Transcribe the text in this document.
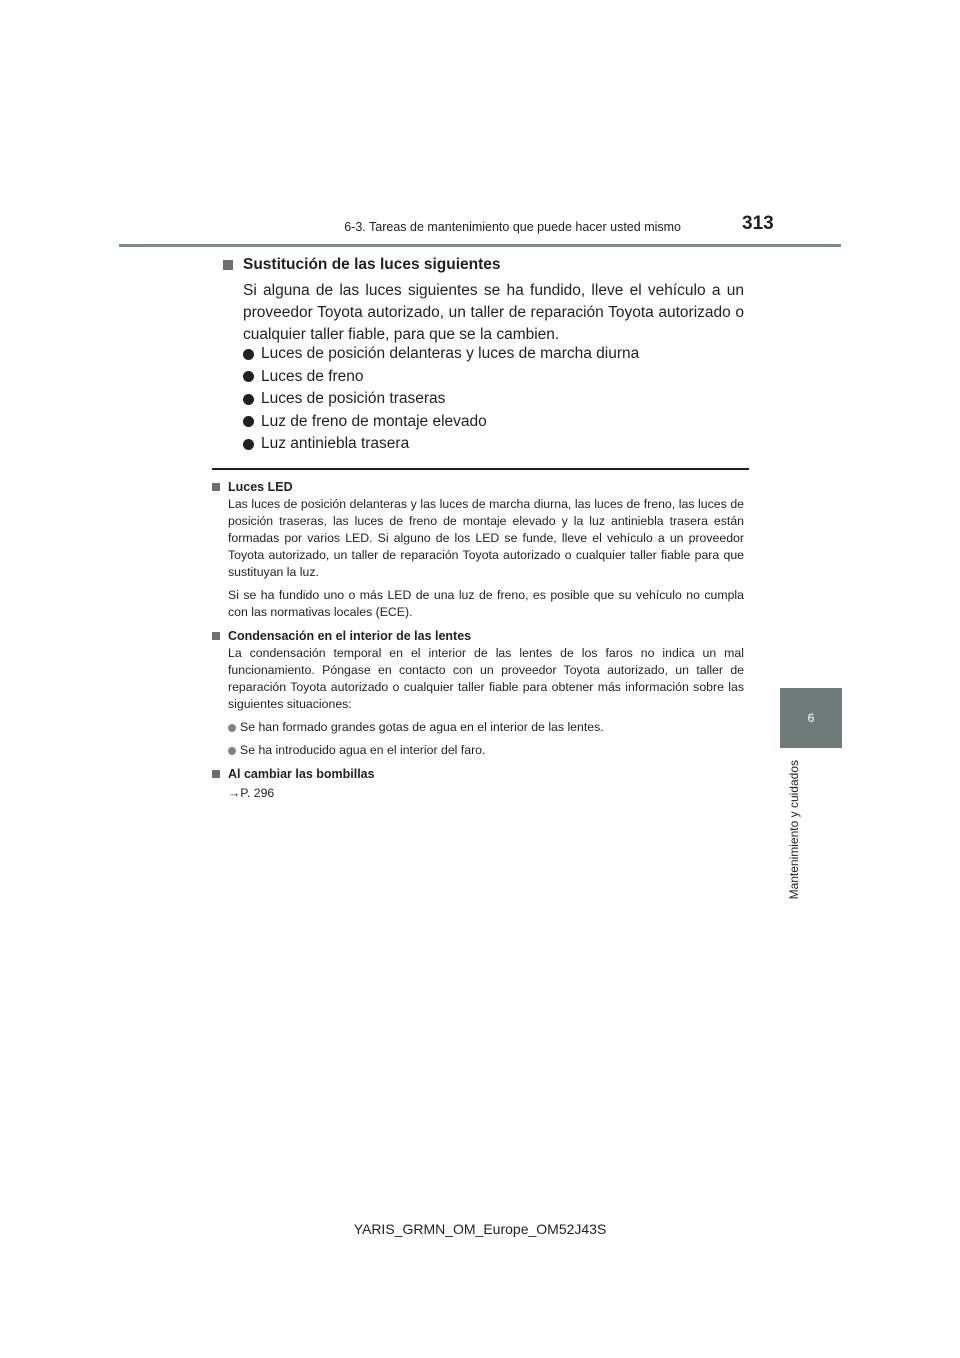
6-3. Tareas de mantenimiento que puede hacer usted mismo	313
6
Mantenimiento y cuidados
Sustitución de las luces siguientes

Si alguna de las luces siguientes se ha fundido, lleve el vehículo a un proveedor Toyota autorizado, un taller de reparación Toyota autorizado o cualquier taller fiable, para que se la cambien.

Luces de posición delanteras y luces de marcha diurna
Luces de freno
Luces de posición traseras
Luz de freno de montaje elevado
Luz antiniebla trasera
Luces LED

Las luces de posición delanteras y las luces de marcha diurna, las luces de freno, las luces de posición traseras, las luces de freno de montaje elevado y la luz antiniebla trasera están formadas por varios LED. Si alguno de los LED se funde, lleve el vehículo a un proveedor Toyota autorizado, un taller de reparación Toyota autorizado o cualquier taller fiable para que sustituyan la luz.

Si se ha fundido uno o más LED de una luz de freno, es posible que su vehículo no cumpla con las normativas locales (ECE).

Condensación en el interior de las lentes

La condensación temporal en el interior de las lentes de los faros no indica un mal funcionamiento. Póngase en contacto con un proveedor Toyota autorizado, un taller de reparación Toyota autorizado o cualquier taller fiable para obtener más información sobre las siguientes situaciones:

Se han formado grandes gotas de agua en el interior de las lentes.
Se ha introducido agua en el interior del faro.
Al cambiar las bombillas
→P. 296
YARIS_GRMN_OM_Europe_OM52J43S
